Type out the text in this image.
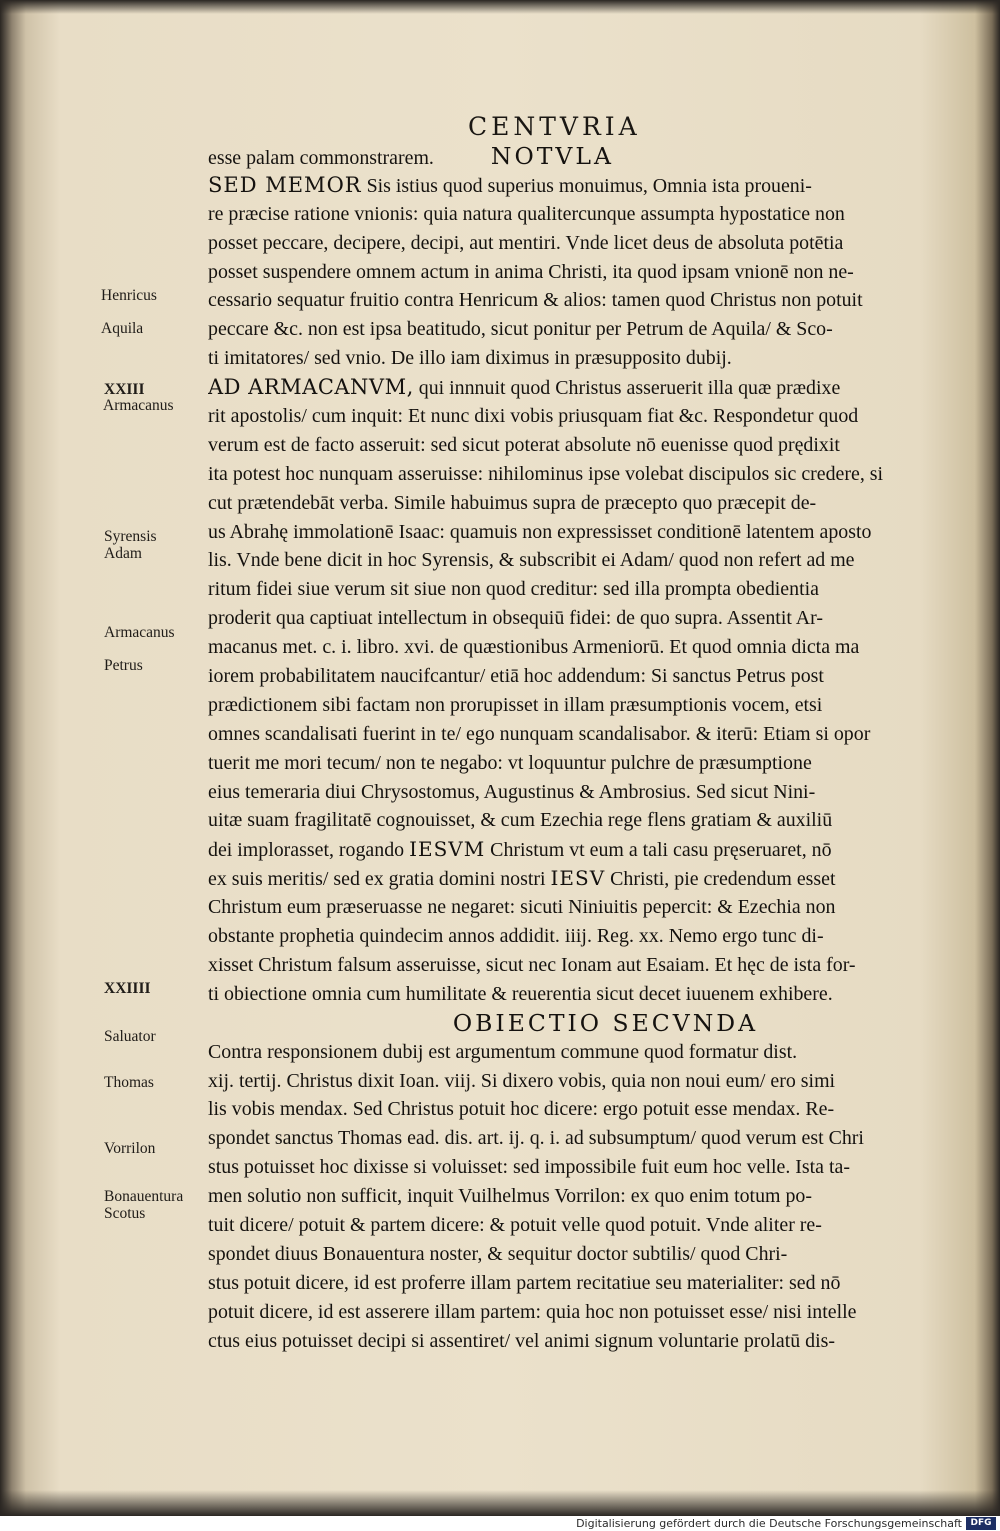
CENTVRIA
Henricus
Aquila
XXIII
Armacanus
Syrensis
Adam
Armacanus
Petrus
XXIIII
Saluator
Thomas
Vorrilon
Bonauentura
Scotus
esse palam commonstrarem. NOTVLA
SED MEMOR Sis istius quod superius monuimus, Omnia ista proueni-
re præcise ratione vnionis: quia natura qualitercunque assumpta hypostatice non
posset peccare, decipere, decipi, aut mentiri. Vnde licet deus de absoluta potētia
posset suspendere omnem actum in anima Christi, ita quod ipsam vnionē non ne-
cessario sequatur fruitio contra Henricum & alios: tamen quod Christus non potuit
peccare &c. non est ipsa beatitudo, sicut ponitur per Petrum de Aquila/ & Sco-
ti imitatores/ sed vnio. De illo iam diximus in præsupposito dubij.
AD ARMACANVM, qui innnuit quod Christus asseruerit illa quæ prædixe
rit apostolis/ cum inquit: Et nunc dixi vobis priusquam fiat &c. Respondetur quod
verum est de facto asseruit: sed sicut poterat absolute nō euenisse quod prędixit
ita potest hoc nunquam asseruisse: nihilominus ipse volebat discipulos sic credere, si
cut prætendebāt verba. Simile habuimus supra de præcepto quo præcepit de-
us Abrahę immolationē Isaac: quamuis non expressisset conditionē latentem aposto
lis. Vnde bene dicit in hoc Syrensis, & subscribit ei Adam/ quod non refert ad me
ritum fidei siue verum sit siue non quod creditur: sed illa prompta obedientia
proderit qua captiuat intellectum in obsequiū fidei: de quo supra. Assentit Ar-
macanus met. c. i. libro. xvi. de quæstionibus Armeniorū. Et quod omnia dicta ma
iorem probabilitatem naucifcantur/ etiā hoc addendum: Si sanctus Petrus post
prædictionem sibi factam non prorupisset in illam præsumptionis vocem, etsi
omnes scandalisati fuerint in te/ ego nunquam scandalisabor. & iterū: Etiam si opor
tuerit me mori tecum/ non te negabo: vt loquuntur pulchre de præsumptione
eius temeraria diui Chrysostomus, Augustinus & Ambrosius. Sed sicut Nini-
uitæ suam fragilitatē cognouisset, & cum Ezechia rege flens gratiam & auxiliū
dei implorasset, rogando IESVM Christum vt eum a tali casu pręseruaret, nō
ex suis meritis/ sed ex gratia domini nostri IESV Christi, pie credendum esset
Christum eum præseruasse ne negaret: sicuti Niniuitis pepercit: & Ezechia non
obstante prophetia quindecim annos addidit. iiij. Reg. xx. Nemo ergo tunc di-
xisset Christum falsum asseruisse, sicut nec Ionam aut Esaiam. Et hęc de ista for-
ti obiectione omnia cum humilitate & reuerentia sicut decet iuuenem exhibere.
OBIECTIO SECVNDA
Contra responsionem dubij est argumentum commune quod formatur dist.
xij. tertij. Christus dixit Ioan. viij. Si dixero vobis, quia non noui eum/ ero simi
lis vobis mendax. Sed Christus potuit hoc dicere: ergo potuit esse mendax. Re-
spondet sanctus Thomas ead. dis. art. ij. q. i. ad subsumptum/ quod verum est Chri
stus potuisset hoc dixisse si voluisset: sed impossibile fuit eum hoc velle. Ista ta-
men solutio non sufficit, inquit Vuilhelmus Vorrilon: ex quo enim totum po-
tuit dicere/ potuit & partem dicere: & potuit velle quod potuit. Vnde aliter re-
spondet diuus Bonauentura noster, & sequitur doctor subtilis/ quod Chri-
stus potuit dicere, id est proferre illam partem recitatiue seu materialiter: sed nō
potuit dicere, id est asserere illam partem: quia hoc non potuisset esse/ nisi intelle
ctus eius potuisset decipi si assentiret/ vel animi signum voluntarie prolatū dis-
Digitalisierung gefördert durch die Deutsche Forschungsgemeinschaft DFG
